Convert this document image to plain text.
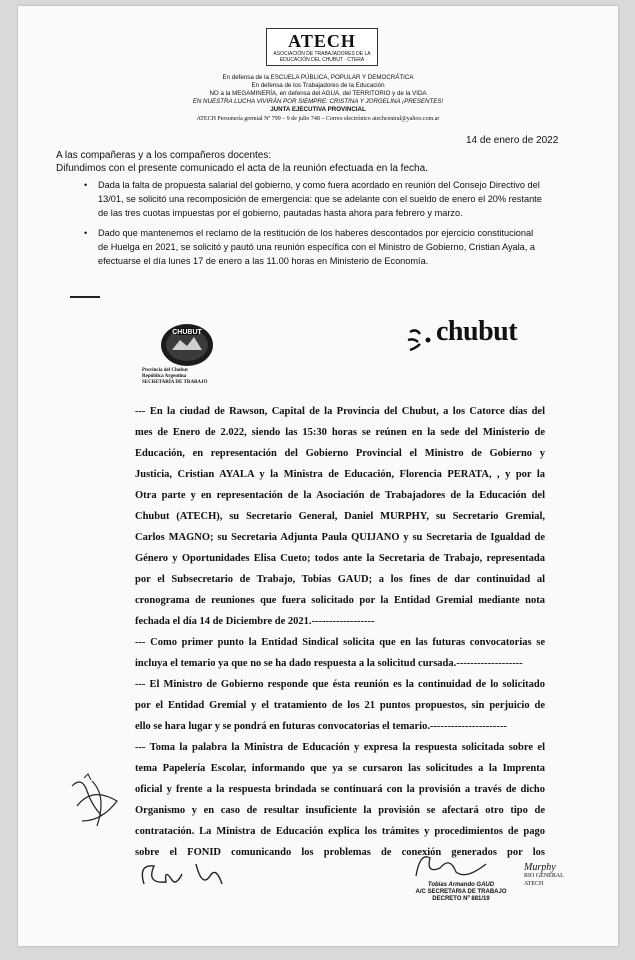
ATECH
ASOCIACIÓN DE TRABAJADORES DE LA EDUCACIÓN DEL CHUBUT · CTERA
En defensa de la ESCUELA PÚBLICA, POPULAR Y DEMOCRÁTICA
En defensa de los Trabajadores de la Educación
NO a la MEGAMINERÍA, en defensa del AGUA, del TERRITORIO y de la VIDA
EN NUESTRA LUCHA VIVIRÁN POR SIEMPRE: CRISTINA Y JORGELINA ¡PRESENTES!
JUNTA EJECUTIVA PROVINCIAL
ATECH Personería gremial Nº 799 – 9 de julio 748 – Correo electrónico atechcentral@yahoo.com.ar
14 de enero de 2022
A las compañeras y a los compañeros docentes:
Difundimos con el presente comunicado el acta de la reunión efectuada en la fecha.
• Dada la falta de propuesta salarial del gobierno, y como fuera acordado en reunión del Consejo Directivo del
13/01, se solicitó una recomposición de emergencia: que se adelante con el sueldo de enero el 20% restante
de las tres cuotas impuestas por el gobierno, pautadas hasta ahora para febrero y marzo.
• Dado que mantenemos el reclamo de la restitución de los haberes descontados por ejercicio constitucional
de Huelga en 2021, se solicitó y pautó una reunión específica con el Ministro de Gobierno, Cristian Ayala, a
efectuarse el día lunes 17 de enero a las 11.00 horas en Ministerio de Economía.
CHUBUT
Provincia del Chubut
República Argentina
SECRETARÍA DE TRABAJO
chubut
--- En la ciudad de Rawson, Capital de la Provincia del Chubut, a los Catorce días del
mes de Enero de 2.022, siendo las 15:30 horas se reúnen en la sede del Ministerio de
Educación, en representación del Gobierno Provincial el Ministro de Gobierno y
Justicia, Cristian AYALA y la Ministra de Educación, Florencia PERATA, , y por la
Otra parte y en representación de la Asociación de Trabajadores de la Educación del
Chubut (ATECH), su Secretario General, Daniel MURPHY, su Secretario Gremial,
Carlos MAGNO; su Secretaria Adjunta Paula QUIJANO y su Secretaria de Igualdad de
Género y Oportunidades Elisa Cueto; todos ante la Secretaria de Trabajo, representada
por el Subsecretario de Trabajo, Tobias GAUD; a los fines de dar continuidad al
cronograma de reuniones que fuera solicitado por la Entidad Gremial mediante nota
fechada el día 14 de Diciembre de 2021.------------------
--- Como primer punto la Entidad Sindical solicita que en las futuras convocatorias se
incluya el temario ya que no se ha dado respuesta a la solicitud cursada.-------------------
--- El Ministro de Gobierno responde que ésta reunión es la continuidad de lo solicitado
por el Entidad Gremial y el tratamiento de los 21 puntos propuestos, sin perjuicio de
ello se hara lugar y se pondrá en futuras convocatorias el temario.----------------------
--- Toma la palabra la Ministra de Educación y expresa la respuesta solicitada sobre el
tema Papelería Escolar, informando que ya se cursaron las solicitudes a la Imprenta
oficial y frente a la respuesta brindada se continuará con la provisión a través de dicho
Organismo y en caso de resultar insuficiente la provisión se afectará otro tipo de
contratación. La Ministra de Educación explica los trámites y procedimientos de pago
sobre el FONID comunicando los problemas de conexión generados por los
Tobias Armando GAUD
A/C SECRETARIA DE TRABAJO
DECRETO Nº 881/19
Murphy
RIO GENERAL
ATECH
